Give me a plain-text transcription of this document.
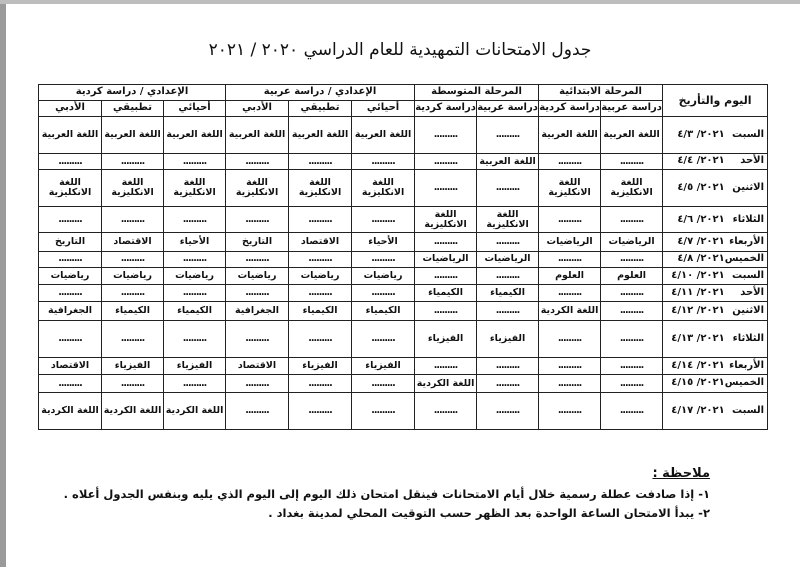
جدول الامتحانات التمهيدية للعام الدراسي ٢٠٢٠ / ٢٠٢١
اليوم والتأريخ	المرحلة الابتدائية		المرحلة المتوسطة		الإعدادي / دراسة عربية			الإعدادي / دراسة كردية		
	دراسة عربية	دراسة كردية	دراسة عربية	دراسة كردية	أحيائي	تطبيقي	الأدبي	أحيائي	تطبيقي	الأدبي
السبت ٢٠٢١/ ٤/٣	اللغة العربية	اللغة العربية	.........	.........	اللغة العربية	اللغة العربية	اللغة العربية	اللغة العربية	اللغة العربية	اللغة العربية
الأحد ٢٠٢١/ ٤/٤	.........	.........	اللغة العربية	.........	.........	.........	.........	.........	.........	.........
الاثنين ٢٠٢١/ ٤/٥	اللغة الانكليزية	اللغة الانكليزية	.........	.........	اللغة الانكليزية	اللغة الانكليزية	اللغة الانكليزية	اللغة الانكليزية	اللغة الانكليزية	اللغة الانكليزية
الثلاثاء ٢٠٢١/ ٤/٦	.........	.........	اللغة الانكليزية	اللغة الانكليزية	.........	.........	.........	.........	.........	.........
الأربعاء ٢٠٢١/ ٤/٧	الرياضيات	الرياضيات	.........	.........	الأحياء	الاقتصاد	التاريخ	الأحياء	الاقتصاد	التاريخ
الخميس ٢٠٢١/ ٤/٨	.........	.........	الرياضيات	الرياضيات	.........	.........	.........	.........	.........	.........
السبت ٢٠٢١/ ٤/١٠	العلوم	العلوم	.........	.........	رياضيات	رياضيات	رياضيات	رياضيات	رياضيات	رياضيات
الأحد ٢٠٢١/ ٤/١١	.........	.........	الكيمياء	الكيمياء	.........	.........	.........	.........	.........	.........
الاثنين ٢٠٢١/ ٤/١٢	.........	اللغة الكردية	.........	.........	الكيمياء	الكيمياء	الجغرافية	الكيمياء	الكيمياء	الجغرافية
الثلاثاء ٢٠٢١/ ٤/١٣	.........	.........	الفيزياء	الفيزياء	.........	.........	.........	.........	.........	.........
الأربعاء ٢٠٢١/ ٤/١٤	.........	.........	.........	.........	الفيزياء	الفيزياء	الاقتصاد	الفيزياء	الفيزياء	الاقتصاد
الخميس ٢٠٢١/ ٤/١٥	.........	.........	.........	اللغة الكردية	.........	.........	.........	.........	.........	.........
السبت ٢٠٢١/ ٤/١٧	.........	.........	.........	.........	.........	.........	.........	اللغة الكردية	اللغة الكردية	اللغة الكردية
ملاحظة :
١- إذا صادفت عطلة رسمية خلال أيام الامتحانات فينقل امتحان ذلك اليوم إلى اليوم الذي يليه وبنفس الجدول أعلاه .
٢- يبدأ الامتحان الساعة الواحدة بعد الظهر حسب التوقيت المحلي لمدينة بغداد .
